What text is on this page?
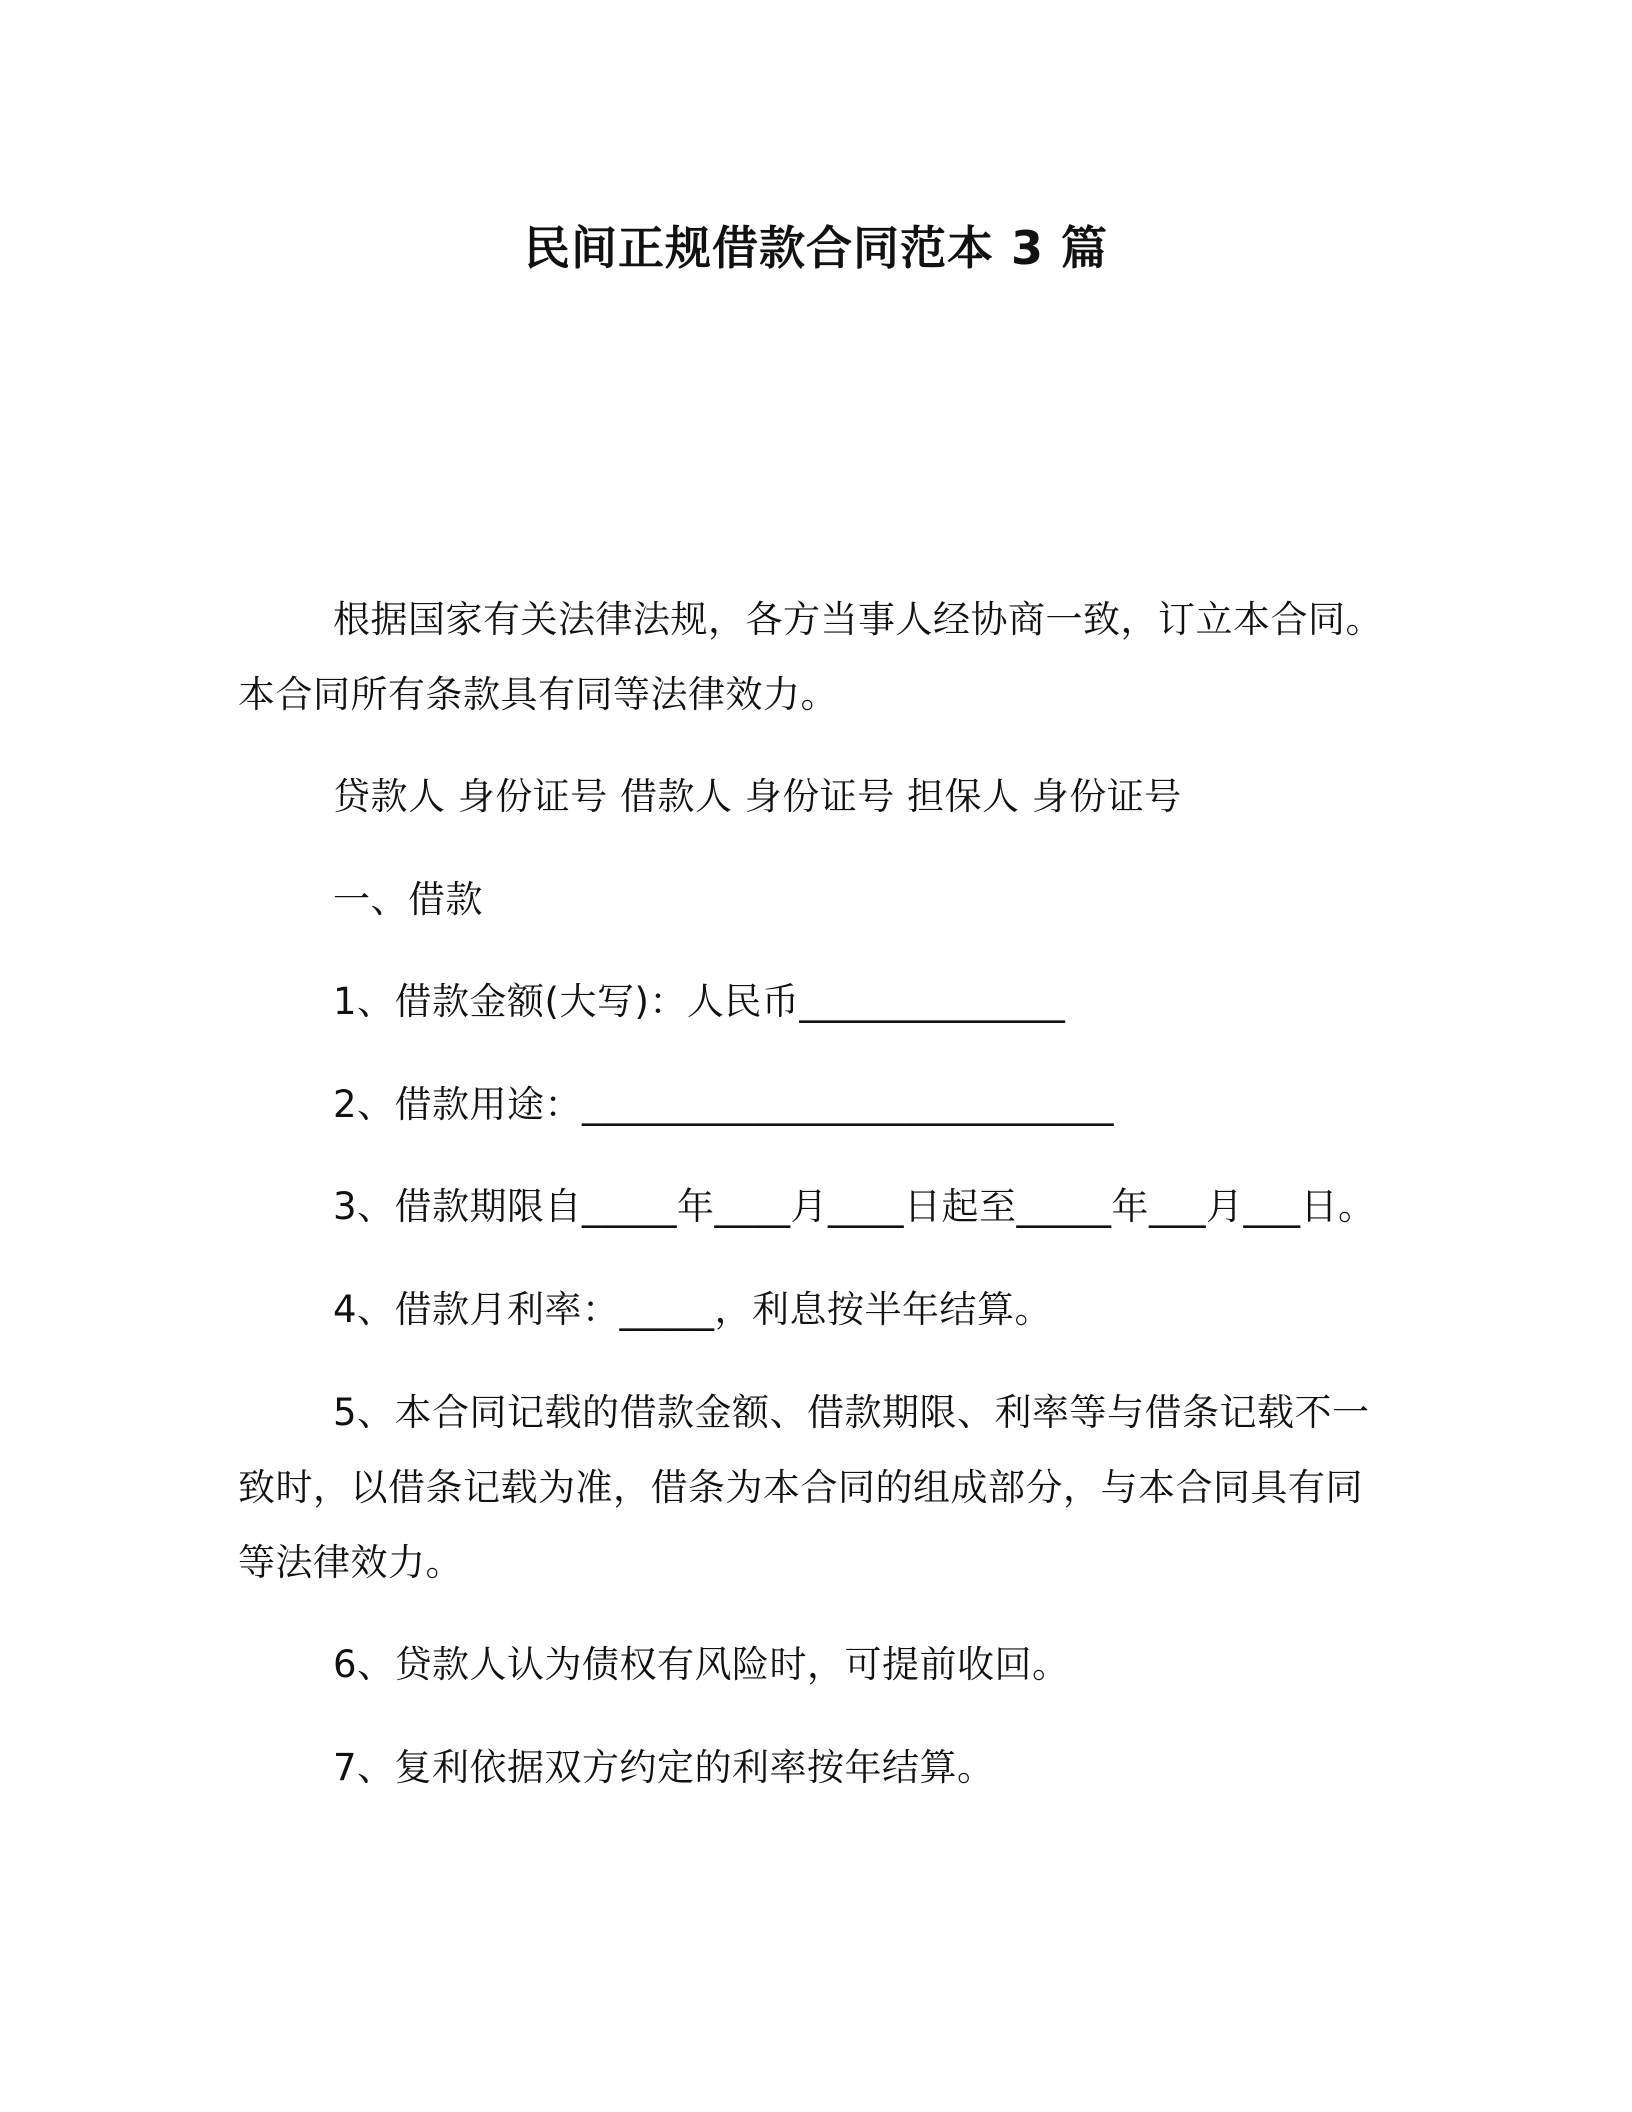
民间正规借款合同范本 3 篇
根据国家有关法律法规，各方当事人经协商一致，订立本合同。
本合同所有条款具有同等法律效力。
贷款人 身份证号 借款人 身份证号 担保人 身份证号
一、借款
1、借款金额(大写)：人民币______________
2、借款用途：____________________________
3、借款期限自_____年____月____日起至_____年___月___日。
4、借款月利率：_____，利息按半年结算。
5、本合同记载的借款金额、借款期限、利率等与借条记载不一
致时，以借条记载为准，借条为本合同的组成部分，与本合同具有同
等法律效力。
6、贷款人认为债权有风险时，可提前收回。
7、复利依据双方约定的利率按年结算。
